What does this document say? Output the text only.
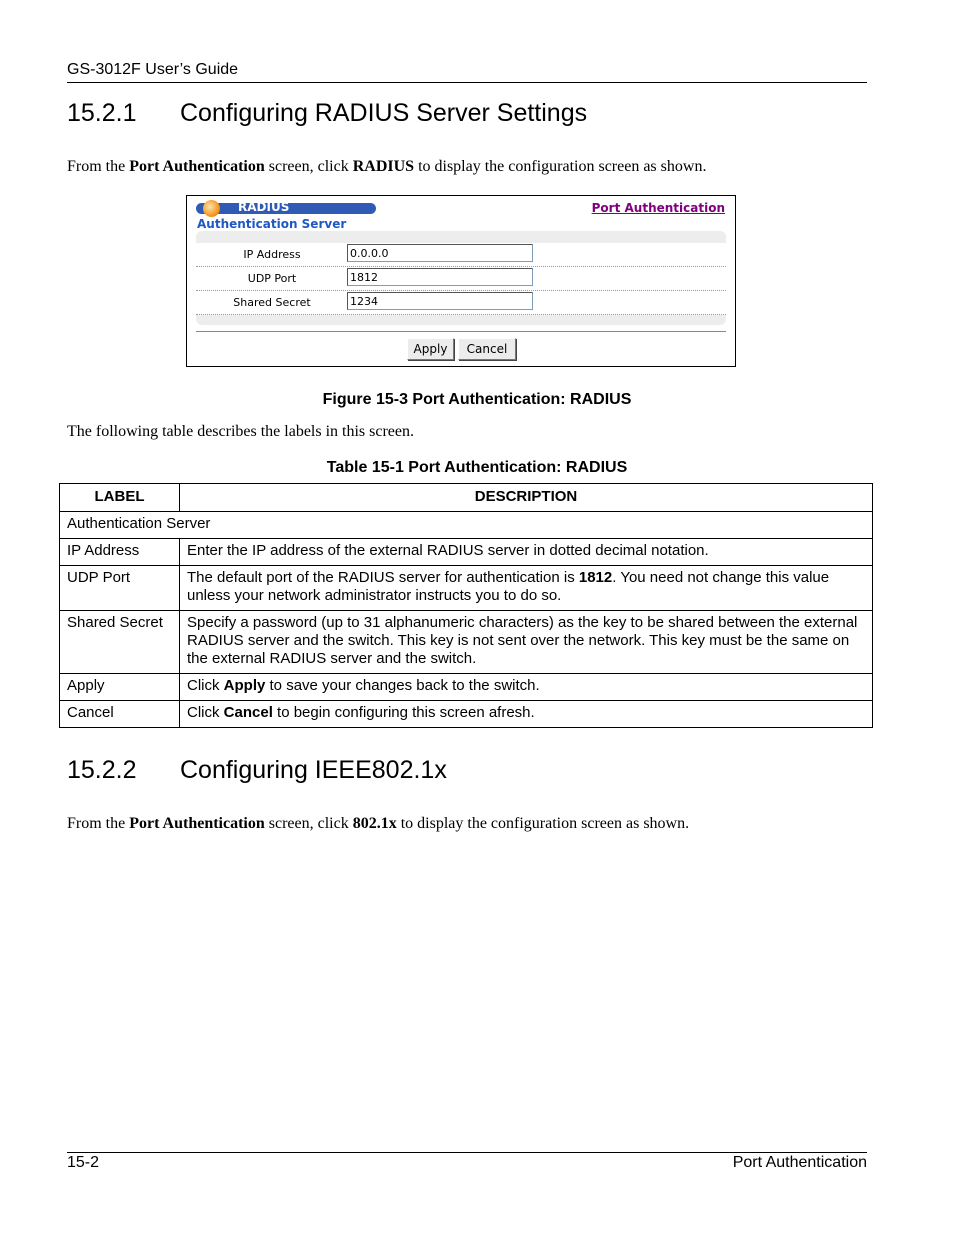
GS-3012F User’s Guide
15.2.1 Configuring RADIUS Server Settings
From the Port Authentication screen, click RADIUS to display the configuration screen as shown.
RADIUS
Authentication Server
Port Authentication
IP Address	0.0.0.0
UDP Port	1812
Shared Secret	1234
Apply	Cancel
Figure 15-3 Port Authentication: RADIUS
The following table describes the labels in this screen.
Table 15-1 Port Authentication: RADIUS
LABEL	DESCRIPTION
Authentication Server	
IP Address	Enter the IP address of the external RADIUS server in dotted decimal notation.
UDP Port	The default port of the RADIUS server for authentication is 1812. You need not change this value unless your network administrator instructs you to do so.
Shared Secret	Specify a password (up to 31 alphanumeric characters) as the key to be shared between the external RADIUS server and the switch. This key is not sent over the network. This key must be the same on the external RADIUS server and the switch.
Apply	Click Apply to save your changes back to the switch.
Cancel	Click Cancel to begin configuring this screen afresh.
15.2.2 Configuring IEEE802.1x
From the Port Authentication screen, click 802.1x to display the configuration screen as shown.
15-2	Port Authentication
